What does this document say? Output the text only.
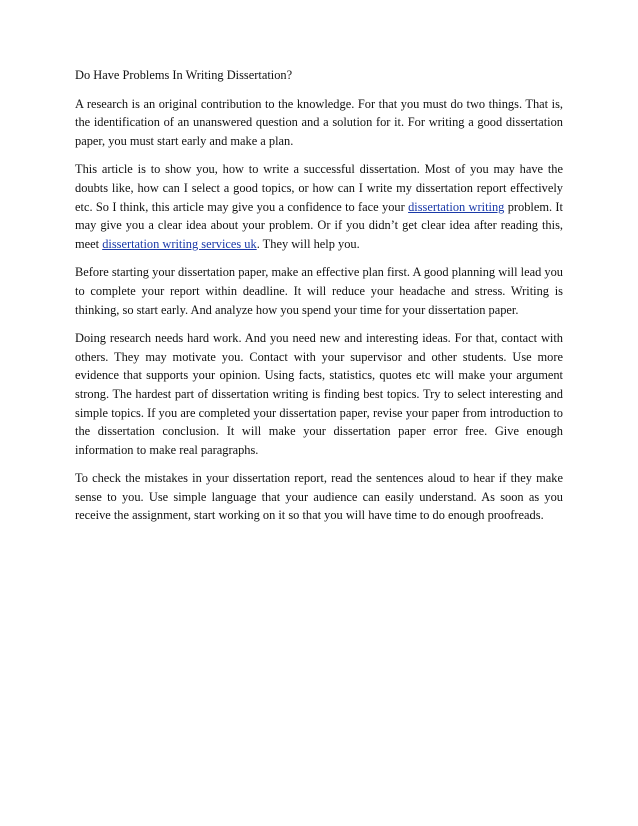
Do Have Problems In Writing Dissertation?

A research is an original contribution to the knowledge. For that you must do two things. That is, the identification of an unanswered question and a solution for it. For writing a good dissertation paper, you must start early and make a plan.

This article is to show you, how to write a successful dissertation. Most of you may have the doubts like, how can I select a good topics, or how can I write my dissertation report effectively etc. So I think, this article may give you a confidence to face your dissertation writing problem. It may give you a clear idea about your problem. Or if you didn’t get clear idea after reading this, meet dissertation writing services uk. They will help you.

Before starting your dissertation paper, make an effective plan first. A good planning will lead you to complete your report within deadline. It will reduce your headache and stress. Writing is thinking, so start early. And analyze how you spend your time for your dissertation paper.

Doing research needs hard work. And you need new and interesting ideas. For that, contact with others. They may motivate you. Contact with your supervisor and other students. Use more evidence that supports your opinion. Using facts, statistics, quotes etc will make your argument strong. The hardest part of dissertation writing is finding best topics. Try to select interesting and simple topics. If you are completed your dissertation paper, revise your paper from introduction to the dissertation conclusion. It will make your dissertation paper error free. Give enough information to make real paragraphs.

To check the mistakes in your dissertation report, read the sentences aloud to hear if they make sense to you. Use simple language that your audience can easily understand. As soon as you receive the assignment, start working on it so that you will have time to do enough proofreads.
